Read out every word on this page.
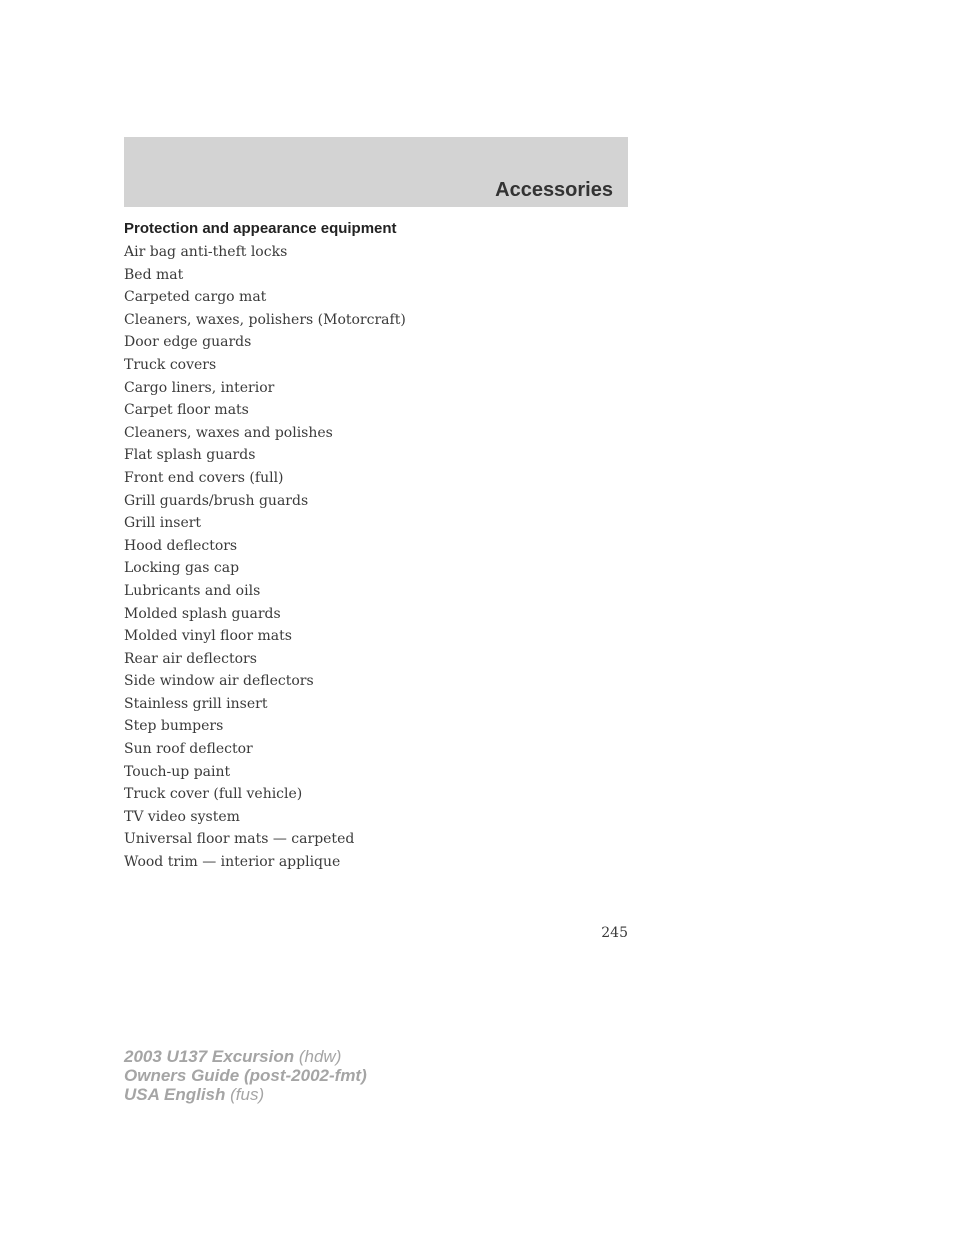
Accessories
Protection and appearance equipment
Air bag anti-theft locks
Bed mat
Carpeted cargo mat
Cleaners, waxes, polishers (Motorcraft)
Door edge guards
Truck covers
Cargo liners, interior
Carpet floor mats
Cleaners, waxes and polishes
Flat splash guards
Front end covers (full)
Grill guards/brush guards
Grill insert
Hood deflectors
Locking gas cap
Lubricants and oils
Molded splash guards
Molded vinyl floor mats
Rear air deflectors
Side window air deflectors
Stainless grill insert
Step bumpers
Sun roof deflector
Touch-up paint
Truck cover (full vehicle)
TV video system
Universal floor mats — carpeted
Wood trim — interior applique
245
2003 U137 Excursion (hdw)
Owners Guide (post-2002-fmt)
USA English (fus)
